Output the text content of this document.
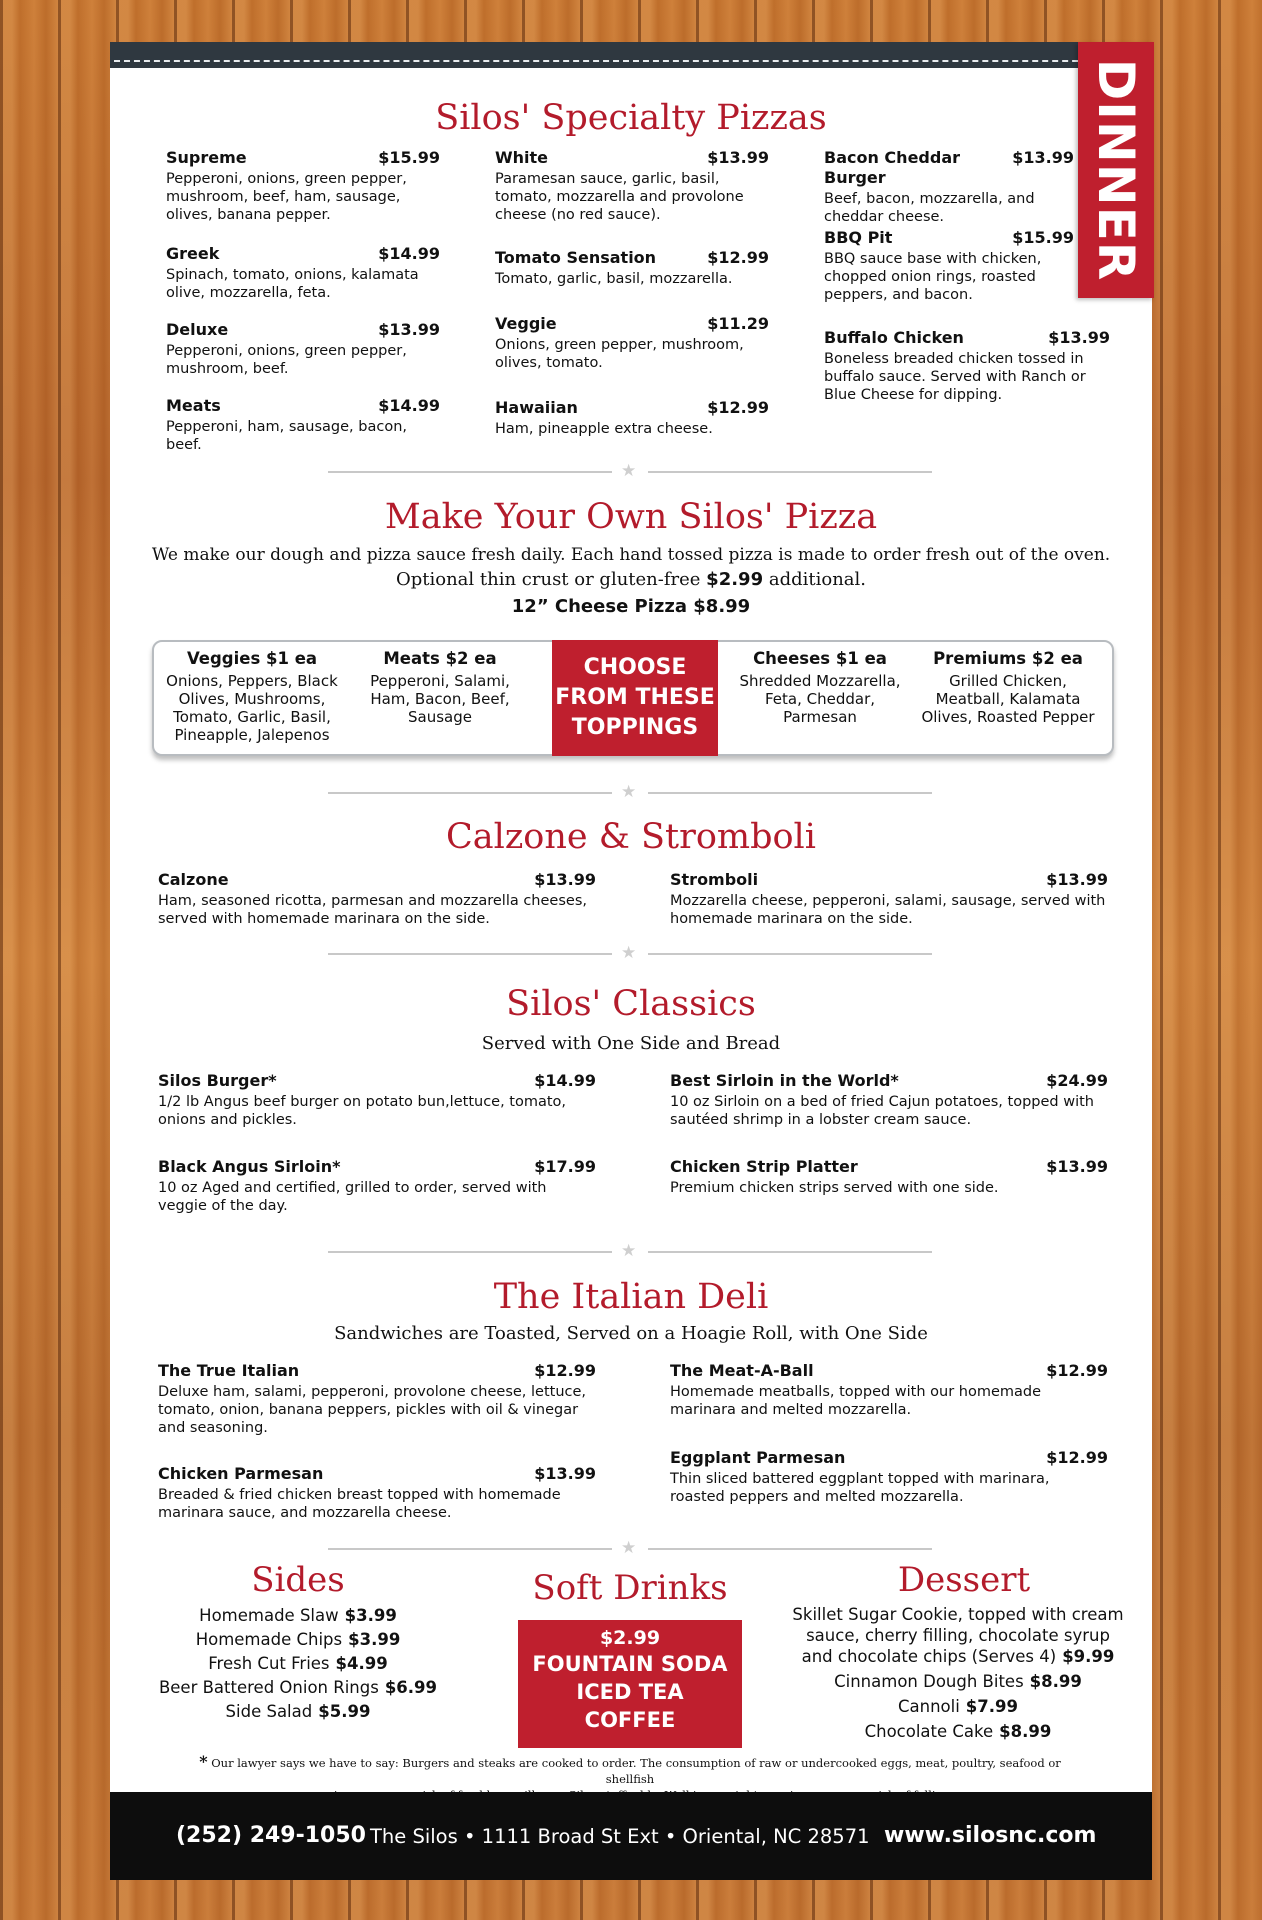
DINNER
Silos' Specialty Pizzas
Supreme	$15.99
Pepperoni, onions, green pepper, mushroom, beef, ham, sausage, olives, banana pepper.
Greek	$14.99
Spinach, tomato, onions, kalamata olive, mozzarella, feta.
Deluxe	$13.99
Pepperoni, onions, green pepper, mushroom, beef.
Meats	$14.99
Pepperoni, ham, sausage, bacon, beef.
White	$13.99
Paramesan sauce, garlic, basil, tomato, mozzarella and provolone cheese (no red sauce).
Tomato Sensation	$12.99
Tomato, garlic, basil, mozzarella.
Veggie	$11.29
Onions, green pepper, mushroom, olives, tomato.
Hawaiian	$12.99
Ham, pineapple extra cheese.
Bacon Cheddar Burger
$13.99
Beef, bacon, mozzarella, and cheddar cheese.
BBQ Pit	$15.99
BBQ sauce base with chicken, chopped onion rings, roasted peppers, and bacon.
Buffalo Chicken	$13.99
Boneless breaded chicken tossed in buffalo sauce. Served with Ranch or Blue Cheese for dipping.
★
Make Your Own Silos' Pizza
We make our dough and pizza sauce fresh daily. Each hand tossed pizza is made to order fresh out of the oven.
Optional thin crust or gluten-free $2.99 additional.
12” Cheese Pizza $8.99
Veggies $1 ea
Onions, Peppers, Black Olives, Mushrooms, Tomato, Garlic, Basil, Pineapple, Jalepenos
Meats $2 ea
Pepperoni, Salami, Ham, Bacon, Beef, Sausage
CHOOSE
FROM THESE
TOPPINGS
Cheeses $1 ea
Shredded Mozzarella, Feta, Cheddar, Parmesan
Premiums $2 ea
Grilled Chicken, Meatball, Kalamata Olives, Roasted Pepper
★
Calzone & Stromboli
Calzone	$13.99
Ham, seasoned ricotta, parmesan and mozzarella cheeses, served with homemade marinara on the side.
Stromboli	$13.99
Mozzarella cheese, pepperoni, salami, sausage, served with homemade marinara on the side.
★
Silos' Classics
Served with One Side and Bread
Silos Burger*	$14.99
1/2 lb Angus beef burger on potato bun,lettuce, tomato, onions and pickles.
Best Sirloin in the World*	$24.99
10 oz Sirloin on a bed of fried Cajun potatoes, topped with sautéed shrimp in a lobster cream sauce.
Black Angus Sirloin*	$17.99
10 oz Aged and certified, grilled to order, served with veggie of the day.
Chicken Strip Platter	$13.99
Premium chicken strips served with one side.
★
The Italian Deli
Sandwiches are Toasted, Served on a Hoagie Roll, with One Side
The True Italian	$12.99
Deluxe ham, salami, pepperoni, provolone cheese, lettuce, tomato, onion, banana peppers, pickles with oil & vinegar and seasoning.
The Meat-A-Ball	$12.99
Homemade meatballs, topped with our homemade marinara and melted mozzarella.
Chicken Parmesan	$13.99
Breaded & fried chicken breast topped with homemade marinara sauce, and mozzarella cheese.
Eggplant Parmesan	$12.99
Thin sliced battered eggplant topped with marinara, roasted peppers and melted mozzarella.
★
Sides
Homemade Slaw $3.99
Homemade Chips $3.99
Fresh Cut Fries $4.99
Beer Battered Onion Rings $6.99
Side Salad $5.99
Soft Drinks
$2.99
FOUNTAIN SODA
ICED TEA
COFFEE
Dessert
Skillet Sugar Cookie, topped with cream sauce, cherry filling, chocolate syrup and chocolate chips (Serves 4) $9.99
Cinnamon Dough Bites $8.99
Cannoli $7.99
Chocolate Cake $8.99
* Our lawyer says we have to say: Burgers and steaks are cooked to order. The consumption of raw or undercooked eggs, meat, poultry, seafood or shellfish
(252) 249-1050 The Silos • 1111 Broad St Ext • Oriental, NC 28571 www.silosnc.com
